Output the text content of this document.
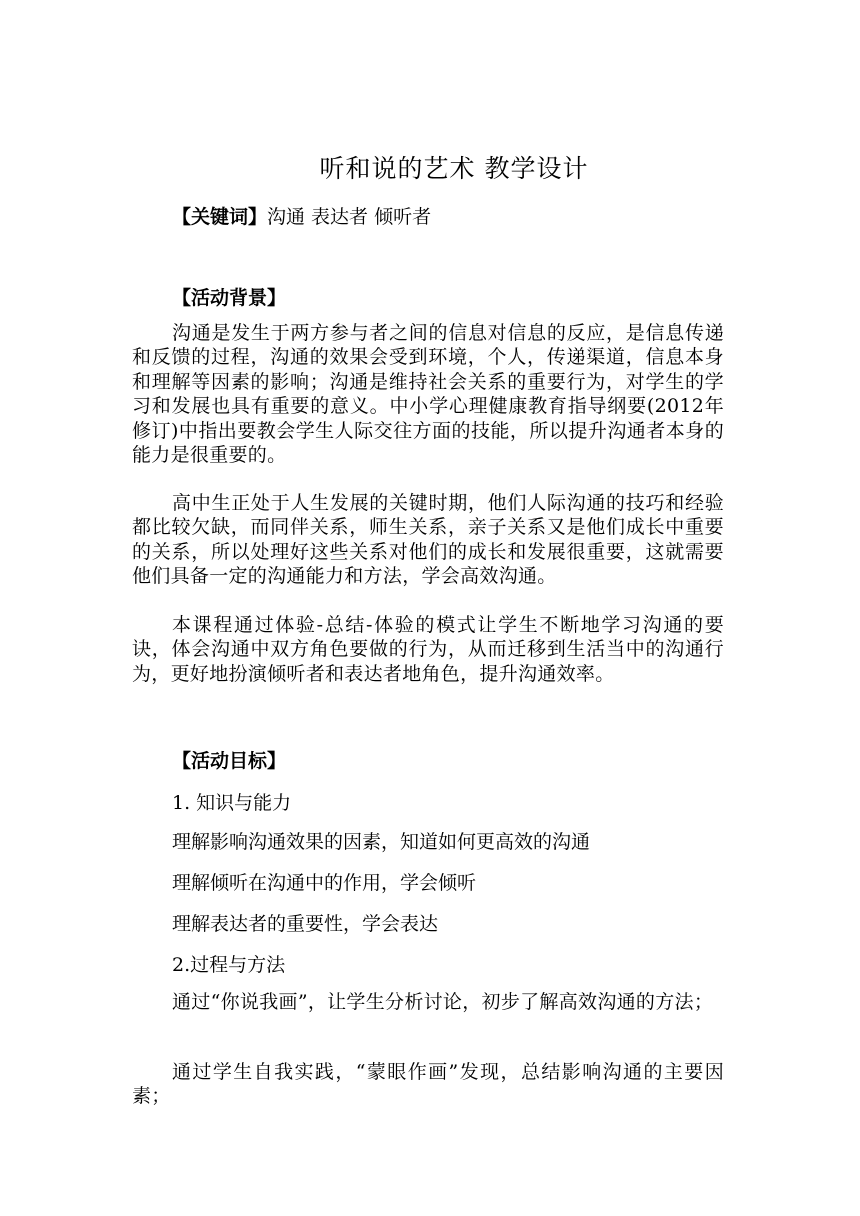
听和说的艺术 教学设计
【关键词】沟通 表达者 倾听者
【活动背景】
沟通是发生于两方参与者之间的信息对信息的反应，是信息传递和反馈的过程，沟通的效果会受到环境，个人，传递渠道，信息本身和理解等因素的影响；沟通是维持社会关系的重要行为，对学生的学习和发展也具有重要的意义。中小学心理健康教育指导纲要(2012年修订)中指出要教会学生人际交往方面的技能，所以提升沟通者本身的能力是很重要的。
高中生正处于人生发展的关键时期，他们人际沟通的技巧和经验都比较欠缺，而同伴关系，师生关系，亲子关系又是他们成长中重要的关系，所以处理好这些关系对他们的成长和发展很重要，这就需要他们具备一定的沟通能力和方法，学会高效沟通。
本课程通过体验-总结-体验的模式让学生不断地学习沟通的要诀，体会沟通中双方角色要做的行为，从而迁移到生活当中的沟通行为，更好地扮演倾听者和表达者地角色，提升沟通效率。
【活动目标】
1. 知识与能力
理解影响沟通效果的因素，知道如何更高效的沟通
理解倾听在沟通中的作用，学会倾听
理解表达者的重要性，学会表达
2.过程与方法
通过“你说我画”，让学生分析讨论，初步了解高效沟通的方法；
通过学生自我实践，“蒙眼作画”发现，总结影响沟通的主要因素；
